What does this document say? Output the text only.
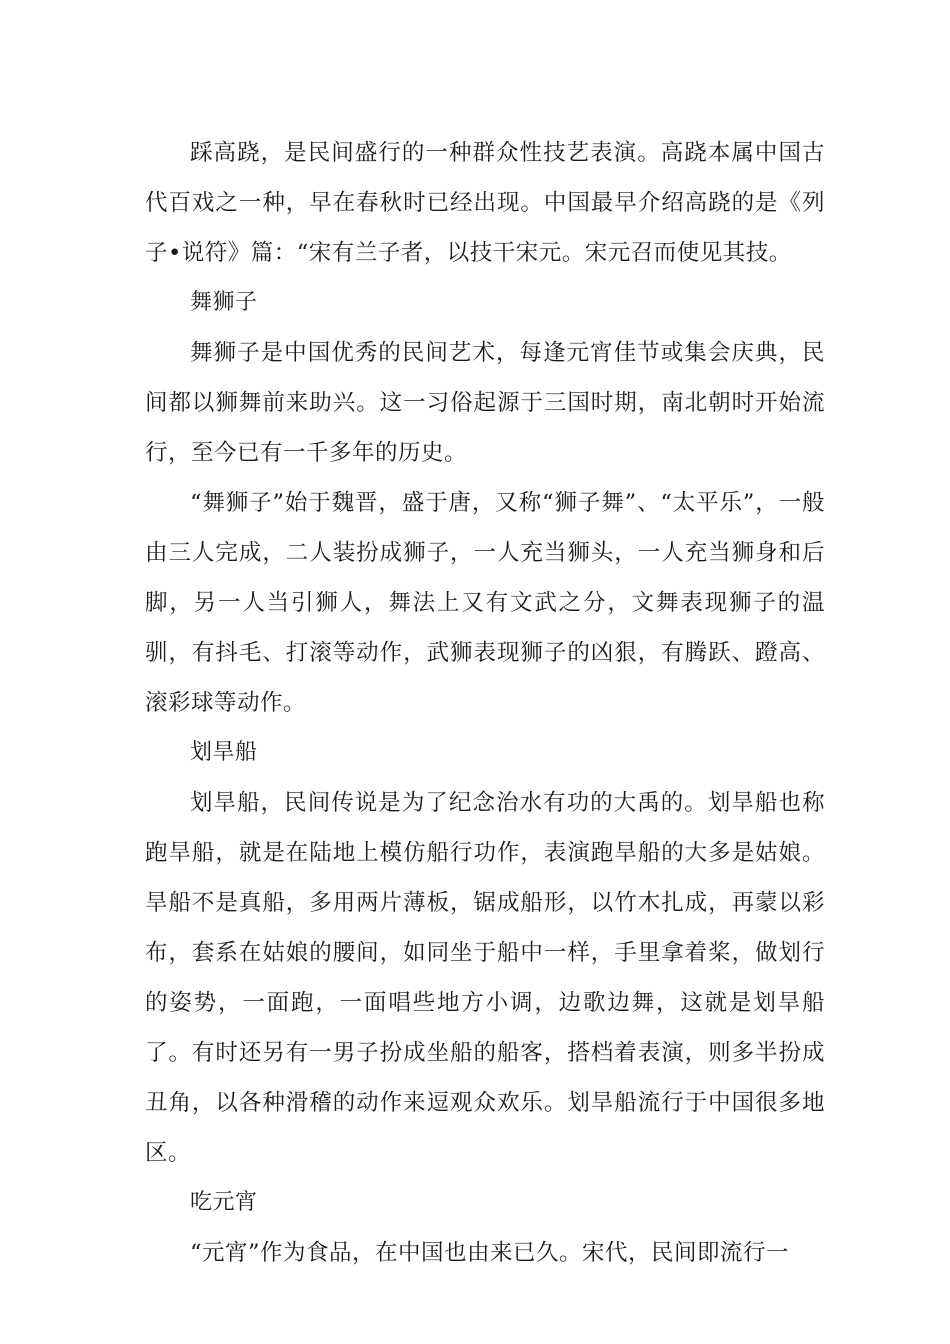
踩高跷，是民间盛行的一种群众性技艺表演。高跷本属中国古代百戏之一种，早在春秋时已经出现。中国最早介绍高跷的是《列子•说符》篇：“宋有兰子者，以技干宋元。宋元召而使见其技。

舞狮子

舞狮子是中国优秀的民间艺术，每逢元宵佳节或集会庆典，民间都以狮舞前来助兴。这一习俗起源于三国时期，南北朝时开始流行，至今已有一千多年的历史。

“舞狮子”始于魏晋，盛于唐，又称“狮子舞”、“太平乐”，一般由三人完成，二人装扮成狮子，一人充当狮头，一人充当狮身和后脚，另一人当引狮人，舞法上又有文武之分，文舞表现狮子的温驯，有抖毛、打滚等动作，武狮表现狮子的凶狠，有腾跃、蹬高、滚彩球等动作。

划旱船

划旱船，民间传说是为了纪念治水有功的大禹的。划旱船也称跑旱船，就是在陆地上模仿船行功作，表演跑旱船的大多是姑娘。旱船不是真船，多用两片薄板，锯成船形，以竹木扎成，再蒙以彩布，套系在姑娘的腰间，如同坐于船中一样，手里拿着桨，做划行的姿势，一面跑，一面唱些地方小调，边歌边舞，这就是划旱船了。有时还另有一男子扮成坐船的船客，搭档着表演，则多半扮成丑角，以各种滑稽的动作来逗观众欢乐。划旱船流行于中国很多地区。

吃元宵

“元宵”作为食品，在中国也由来已久。宋代，民间即流行一
